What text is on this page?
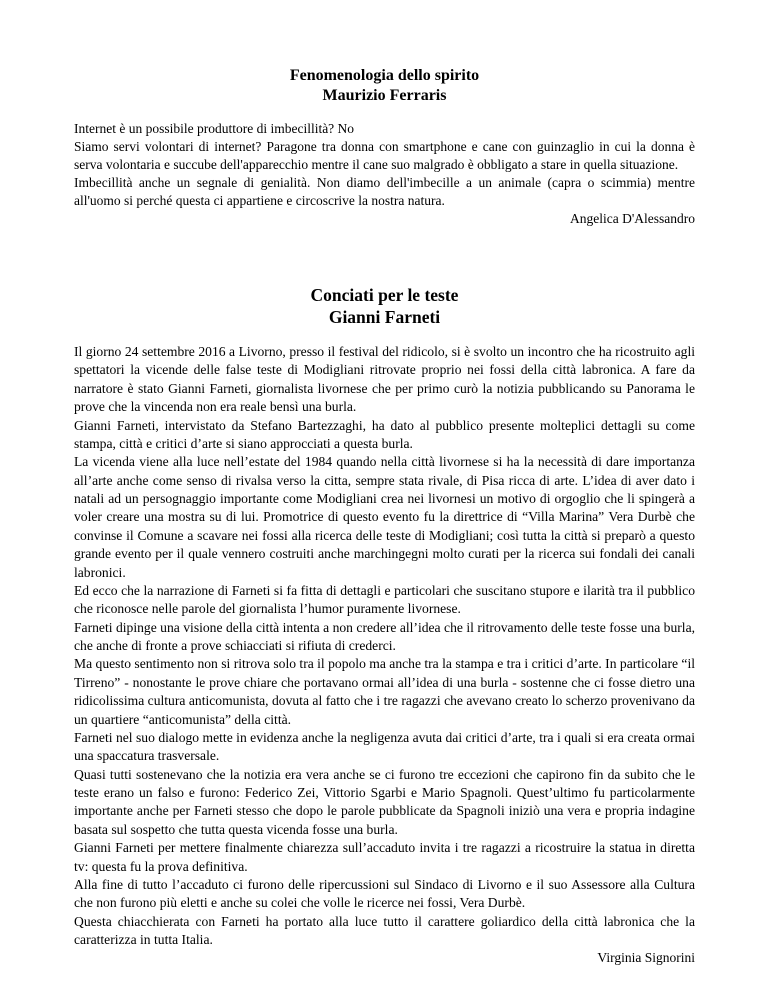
Fenomenologia dello spirito
Maurizio Ferraris
Internet è un possibile produttore di imbecillità? No
Siamo servi volontari di internet? Paragone tra donna con smartphone e cane con guinzaglio in cui la donna è serva volontaria e succube dell'apparecchio mentre il cane suo malgrado è obbligato a stare in quella situazione.
Imbecillità anche un segnale di genialità. Non diamo dell'imbecille a un animale (capra o scimmia) mentre all'uomo si perché questa ci appartiene e circoscrive la nostra natura.
Angelica D'Alessandro
Conciati per le teste
Gianni Farneti
Il giorno 24 settembre 2016 a Livorno, presso il festival del ridicolo, si è svolto un incontro che ha ricostruito agli spettatori la vicende delle false teste di Modigliani ritrovate proprio nei fossi della città labronica. A fare da narratore è stato Gianni Farneti, giornalista livornese che per primo curò la notizia pubblicando su Panorama le prove che la vincenda non era reale bensì una burla.
Gianni Farneti, intervistato da Stefano Bartezzaghi, ha dato al pubblico presente molteplici dettagli su come stampa, città e critici d’arte si siano approcciati a questa burla.
La vicenda viene alla luce nell’estate del 1984 quando nella città livornese si ha la necessità di dare importanza all’arte anche come senso di rivalsa verso la citta, sempre stata rivale, di Pisa ricca di arte. L’idea di aver dato i natali ad un persognaggio importante come Modigliani crea nei livornesi un motivo di orgoglio che li spingerà a voler creare una mostra su di lui. Promotrice di questo evento fu la direttrice di “Villa Marina” Vera Durbè che convinse il Comune a scavare nei fossi alla ricerca delle teste di Modigliani; così tutta la città si preparò a questo grande evento per il quale vennero costruiti anche marchingegni molto curati per la ricerca sui fondali dei canali labronici.
Ed ecco che la narrazione di Farneti si fa fitta di dettagli e particolari che suscitano stupore e ilarità tra il pubblico che riconosce nelle parole del giornalista l’humor puramente livornese.
Farneti dipinge una visione della città intenta a non credere all’idea che il ritrovamento delle teste fosse una burla, che anche di fronte a prove schiacciati si rifiuta di crederci.
Ma questo sentimento non si ritrova solo tra il popolo ma anche tra la stampa e tra i critici d’arte. In particolare “il Tirreno” - nonostante le prove chiare che portavano ormai all’idea di una burla - sostenne che ci fosse dietro una ridicolissima cultura anticomunista, dovuta al fatto che i tre ragazzi che avevano creato lo scherzo provenivano da un quartiere “anticomunista” della città.
Farneti nel suo dialogo mette in evidenza anche la negligenza avuta dai critici d’arte, tra i quali si era creata ormai una spaccatura trasversale.
Quasi tutti sostenevano che la notizia era vera anche se ci furono tre eccezioni che capirono fin da subito che le teste erano un falso e furono: Federico Zei, Vittorio Sgarbi e Mario Spagnoli. Quest’ultimo fu particolarmente importante anche per Farneti stesso che dopo le parole pubblicate da Spagnoli iniziò una vera e propria indagine basata sul sospetto che tutta questa vicenda fosse una burla.
Gianni Farneti per mettere finalmente chiarezza sull’accaduto invita i tre ragazzi a ricostruire la statua in diretta tv: questa fu la prova definitiva.
Alla fine di tutto l’accaduto ci furono delle ripercussioni sul Sindaco di Livorno e il suo Assessore alla Cultura che non furono più eletti e anche su colei che volle le ricerce nei fossi, Vera Durbè.
Questa chiacchierata con Farneti ha portato alla luce tutto il carattere goliardico della città labronica che la caratterizza in tutta Italia.
Virginia Signorini
